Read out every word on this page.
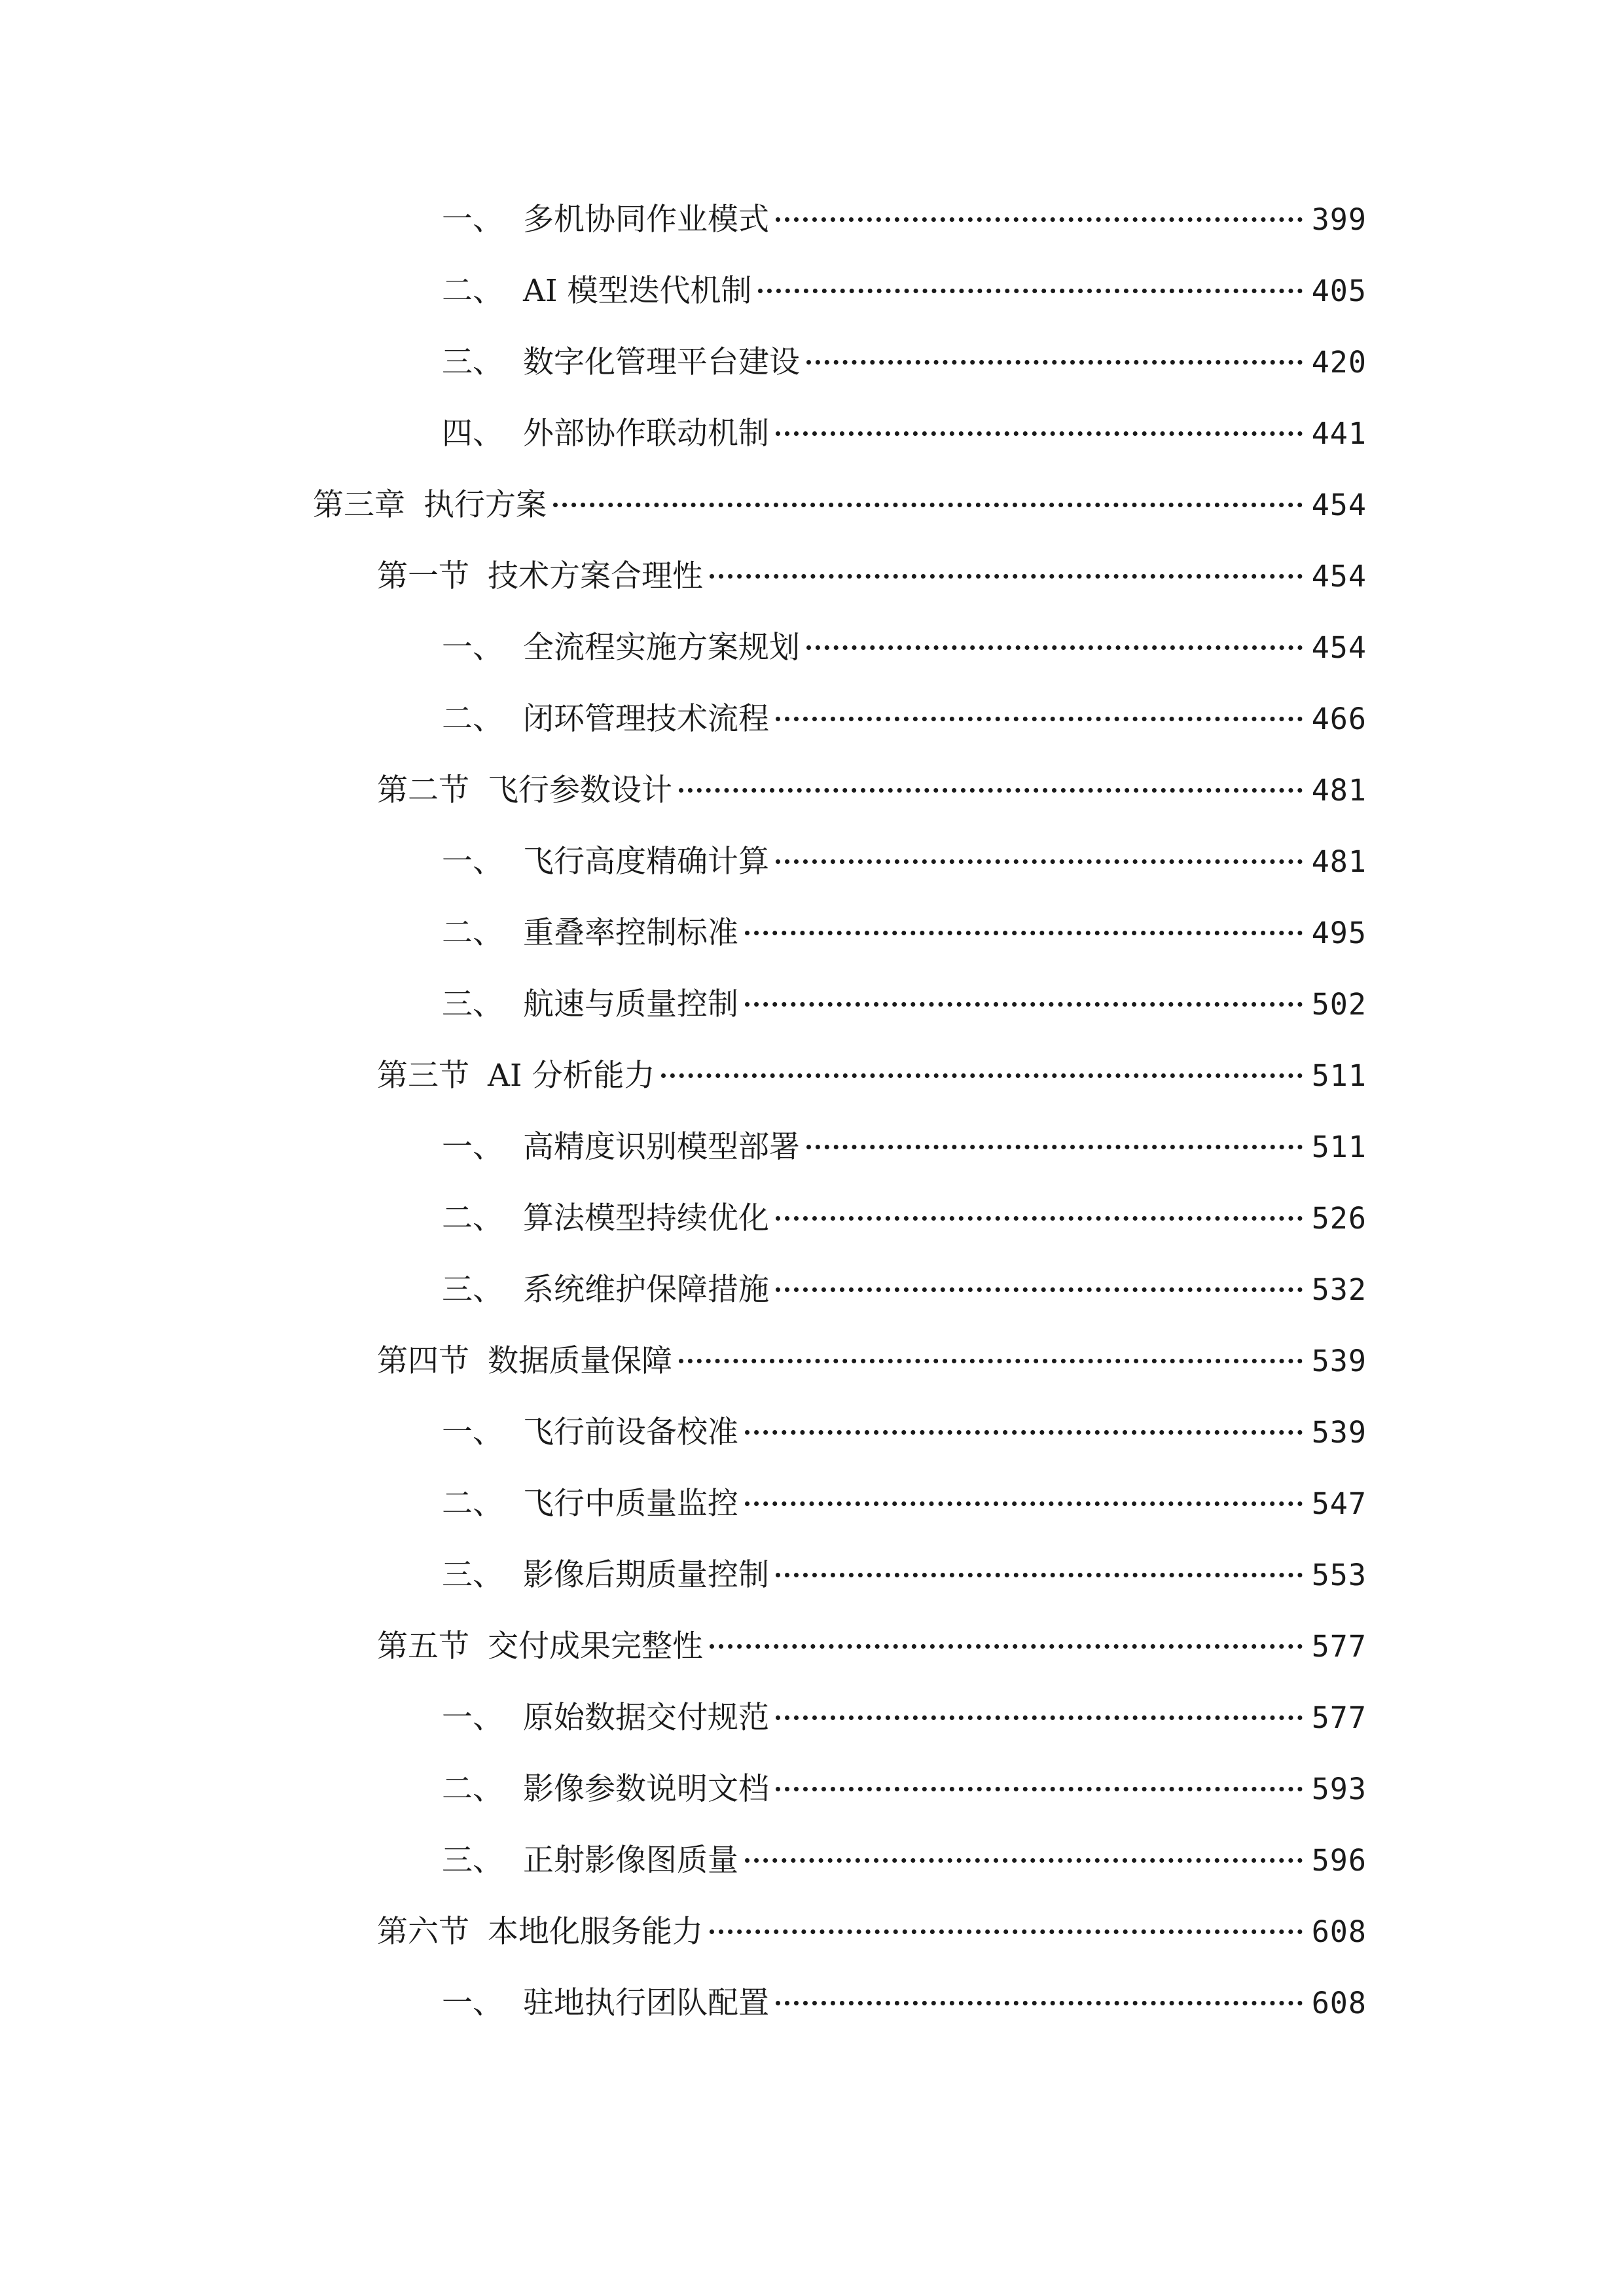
一、 多机协同作业模式	399
二、 AI 模型迭代机制	405
三、 数字化管理平台建设	420
四、 外部协作联动机制	441
第三章 执行方案	454
第一节 技术方案合理性	454
一、 全流程实施方案规划	454
二、 闭环管理技术流程	466
第二节 飞行参数设计	481
一、 飞行高度精确计算	481
二、 重叠率控制标准	495
三、 航速与质量控制	502
第三节 AI 分析能力	511
一、 高精度识别模型部署	511
二、 算法模型持续优化	526
三、 系统维护保障措施	532
第四节 数据质量保障	539
一、 飞行前设备校准	539
二、 飞行中质量监控	547
三、 影像后期质量控制	553
第五节 交付成果完整性	577
一、 原始数据交付规范	577
二、 影像参数说明文档	593
三、 正射影像图质量	596
第六节 本地化服务能力	608
一、 驻地执行团队配置	608
